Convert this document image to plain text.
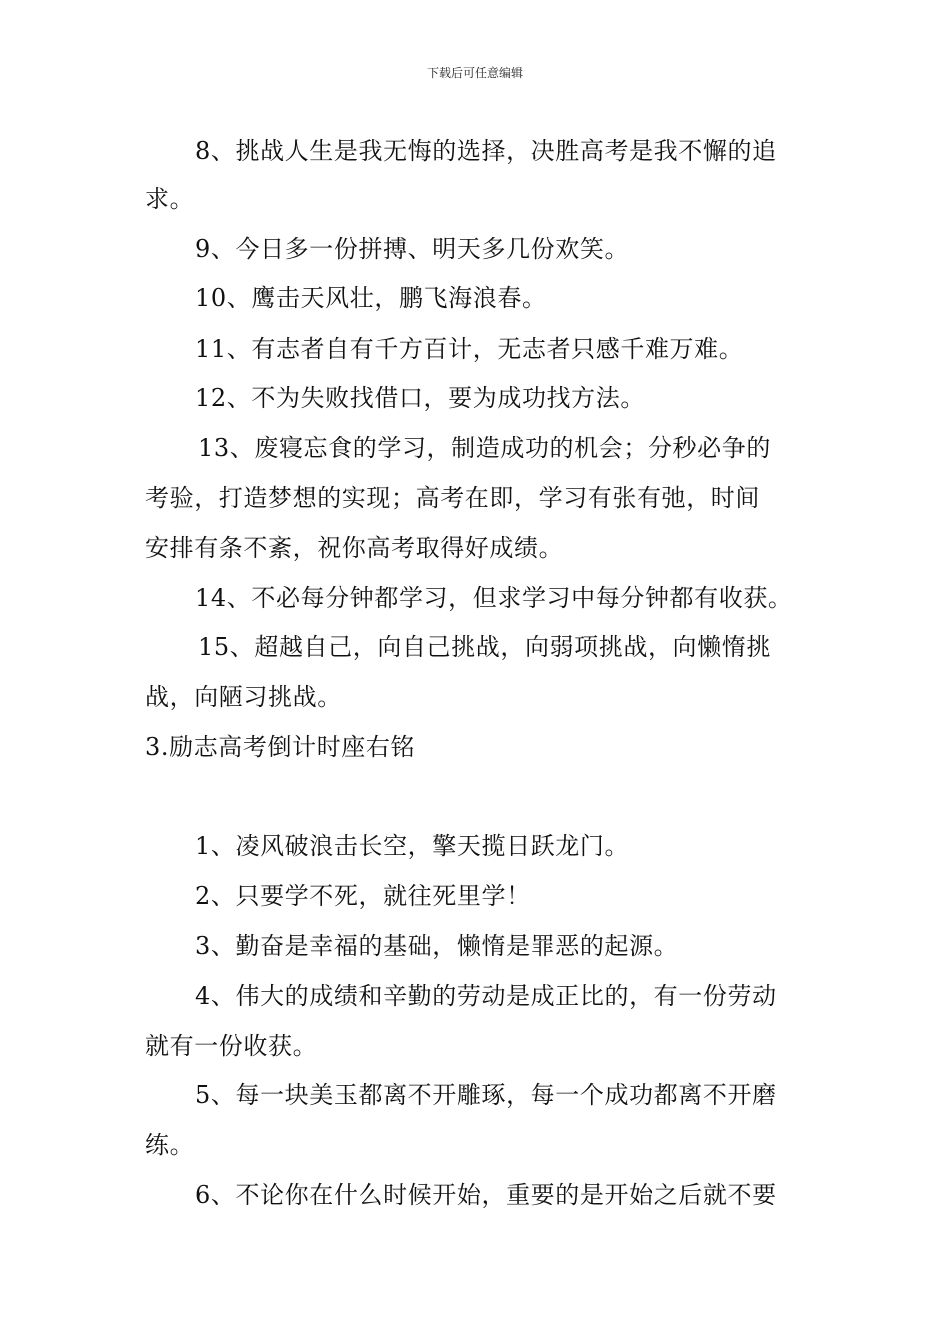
下载后可任意编辑
8、挑战人生是我无悔的选择，决胜高考是我不懈的追
求。
9、今日多一份拼搏、明天多几份欢笑。
10、鹰击天风壮，鹏飞海浪春。
11、有志者自有千方百计，无志者只感千难万难。
12、不为失败找借口，要为成功找方法。
13、废寝忘食的学习，制造成功的机会；分秒必争的
考验，打造梦想的实现；高考在即，学习有张有弛，时间
安排有条不紊，祝你高考取得好成绩。
14、不必每分钟都学习，但求学习中每分钟都有收获。
15、超越自己，向自己挑战，向弱项挑战，向懒惰挑
战，向陋习挑战。
3.励志高考倒计时座右铭
1、凌风破浪击长空，擎天揽日跃龙门。
2、只要学不死，就往死里学！
3、勤奋是幸福的基础，懒惰是罪恶的起源。
4、伟大的成绩和辛勤的劳动是成正比的，有一份劳动
就有一份收获。
5、每一块美玉都离不开雕琢，每一个成功都离不开磨
练。
6、不论你在什么时候开始，重要的是开始之后就不要
